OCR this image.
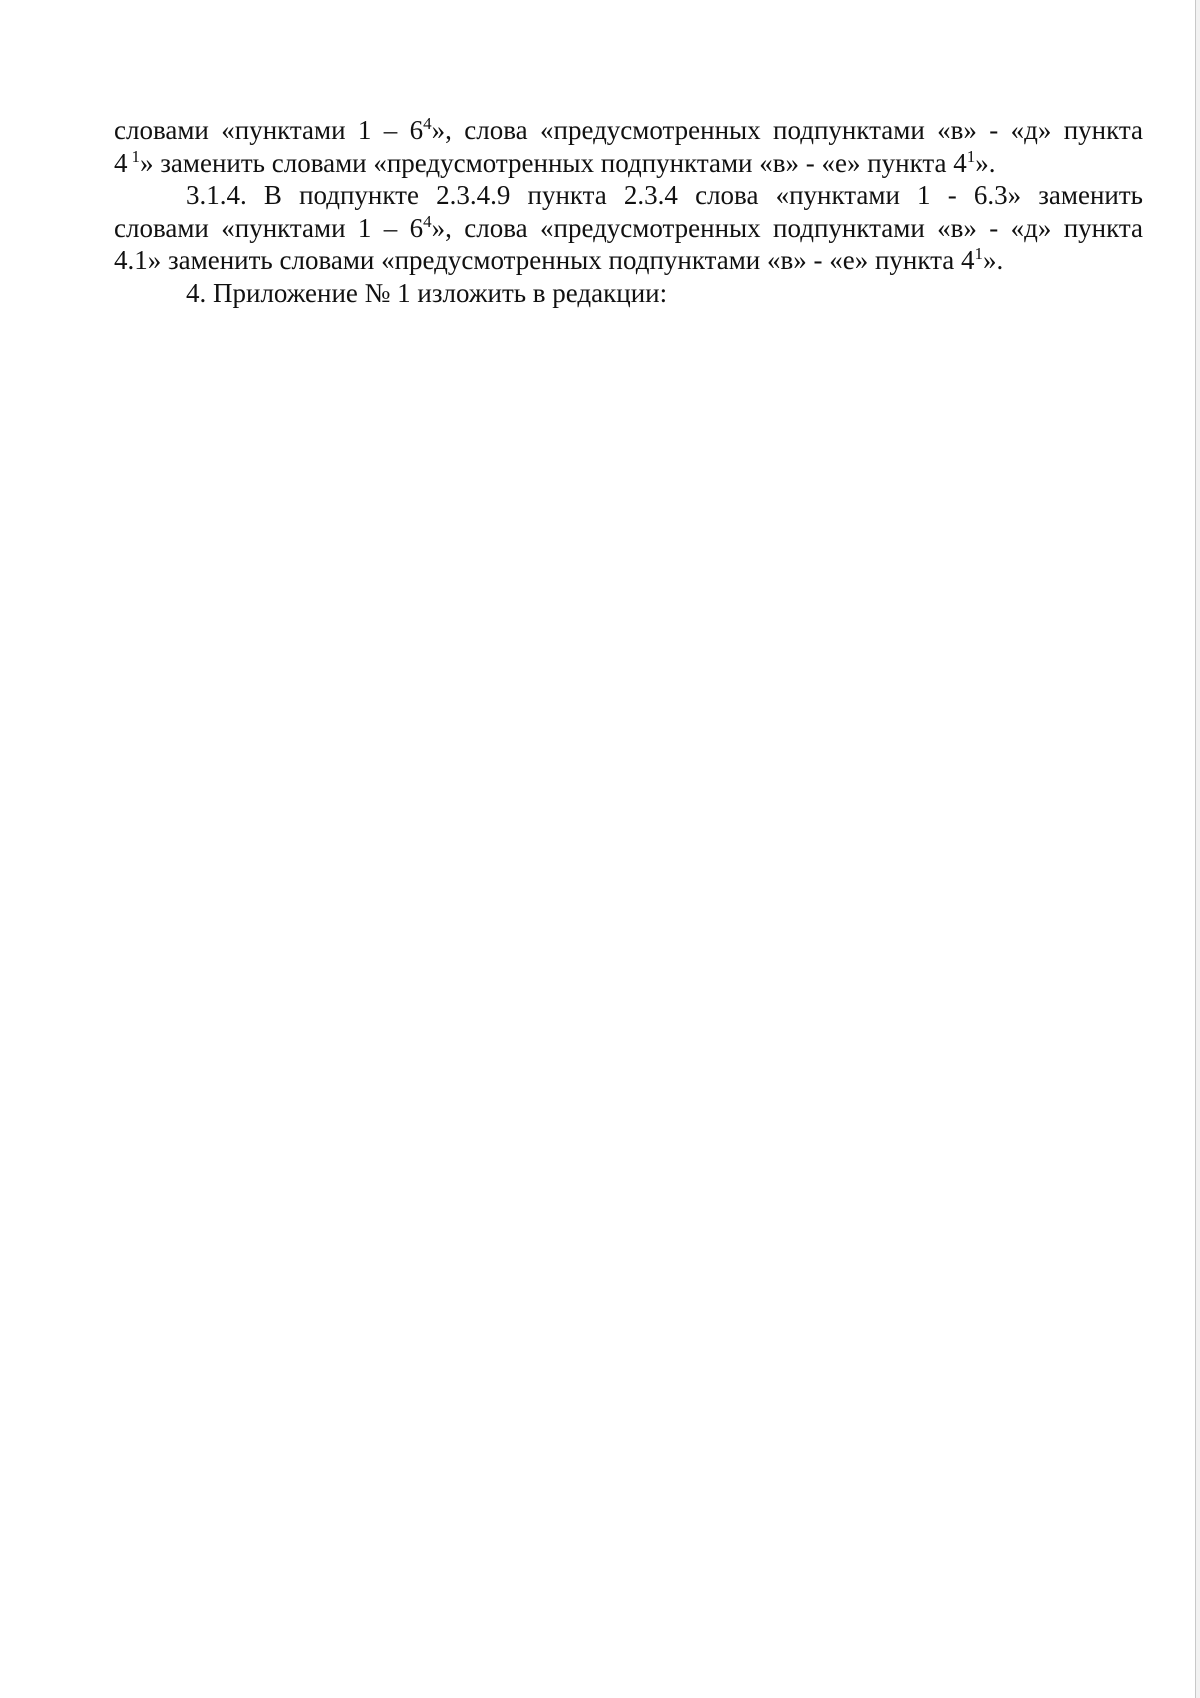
словами «пунктами $1 - 6^4$», слова «предусмотренных подпунктами «в» - «д» пункта

4 $^1$» заменить словами «предусмотренных подпунктами «в» - «е» пункта $4^1$».

3.1.4. В подпункте 2.3.4.9 пункта 2.3.4 слова «пунктами 1 - 6.3» заменить

словами «пунктами $1 - 6^4$», слова «предусмотренных подпунктами «в» - «д» пункта

4.1» заменить словами «предусмотренных подпунктами «в» - «е» пункта $4^1$».

4. Приложение № 1 изложить в редакции:
